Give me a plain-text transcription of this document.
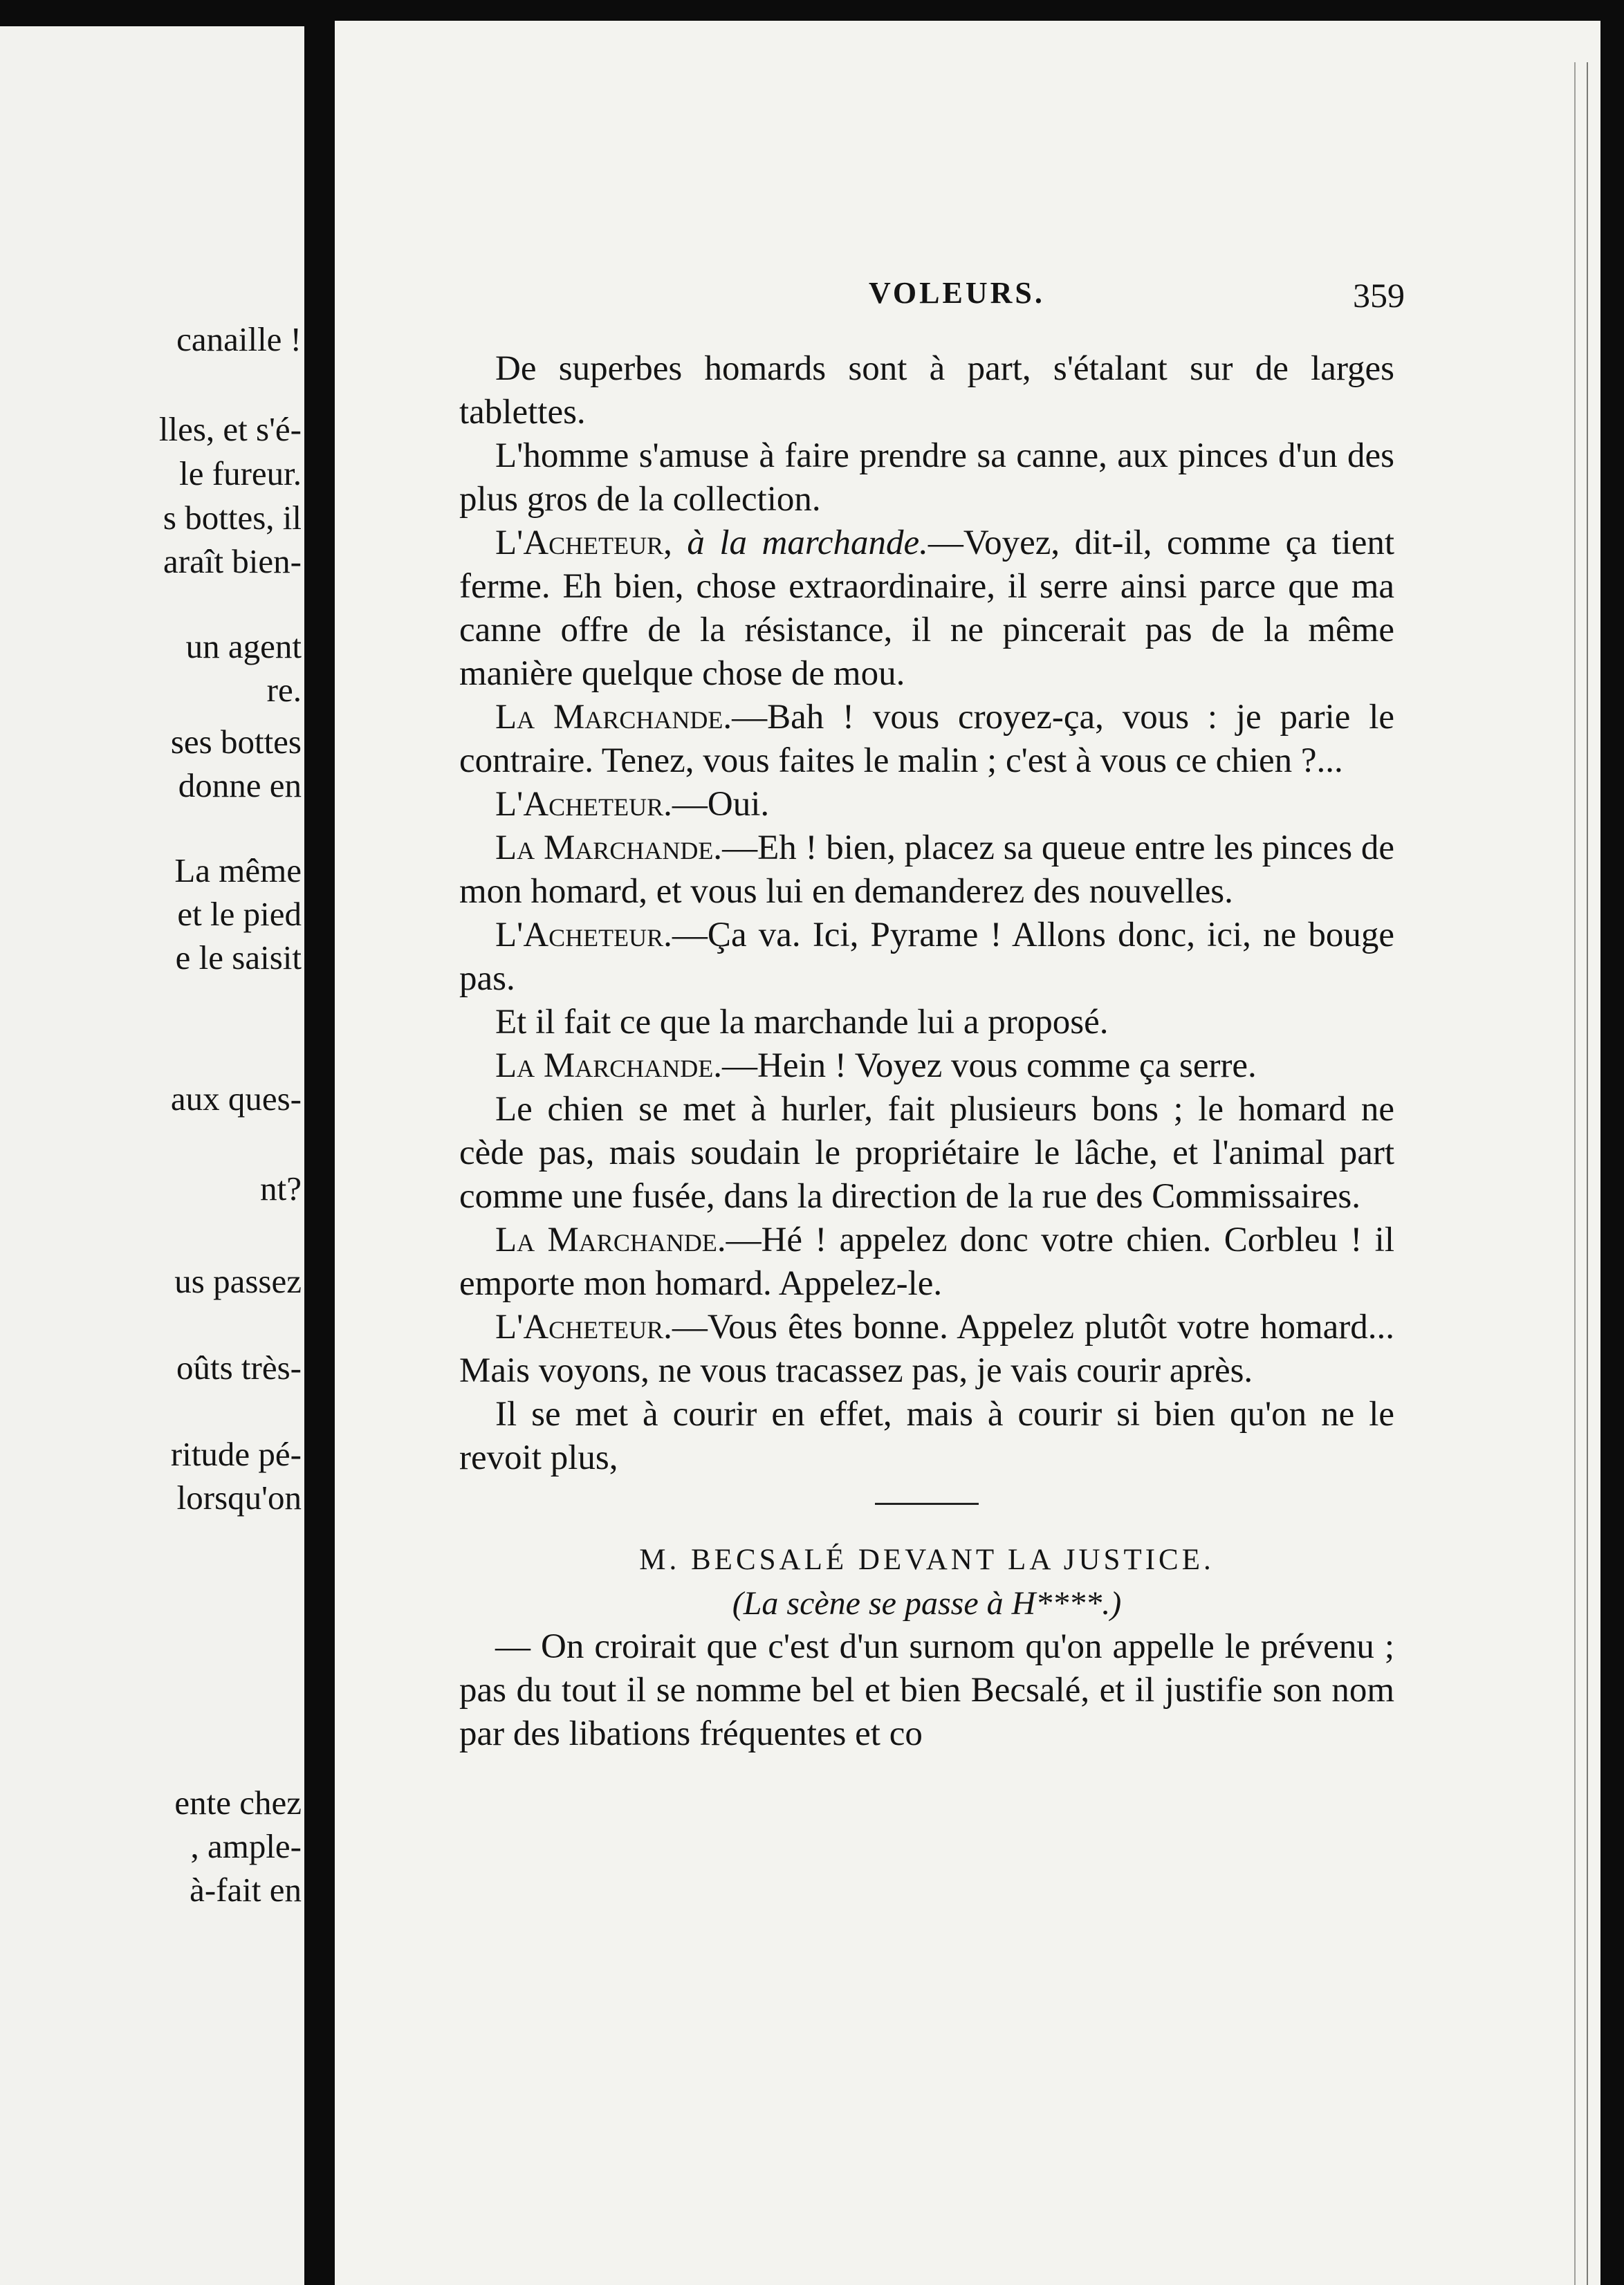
canaille !
lles, et s'é-
le fureur.
s bottes, il
araît bien-
un agent
re.
ses bottes
donne en
La même
et le pied
e le saisit
aux ques-
nt?
us passez
oûts très-
ritude pé-
lorsqu'on
ente chez
, ample-
à-fait en
VOLEURS.	359

De superbes homards sont à part, s'étalant sur de larges tablettes.

L'homme s'amuse à faire prendre sa canne, aux pinces d'un des plus gros de la collection.

L'Acheteur, à la marchande.—Voyez, dit-il, comme ça tient ferme. Eh bien, chose extraordinaire, il serre ainsi parce que ma canne offre de la résistance, il ne pincerait pas de la même manière quelque chose de mou.

La Marchande.—Bah ! vous croyez-ça, vous : je parie le contraire. Tenez, vous faites le malin ; c'est à vous ce chien ?...

L'Acheteur.—Oui.

La Marchande.—Eh ! bien, placez sa queue entre les pinces de mon homard, et vous lui en demanderez des nouvelles.

L'Acheteur.—Ça va. Ici, Pyrame ! Allons donc, ici, ne bouge pas.

Et il fait ce que la marchande lui a proposé.

La Marchande.—Hein ! Voyez vous comme ça serre.

Le chien se met à hurler, fait plusieurs bons ; le homard ne cède pas, mais soudain le propriétaire le lâche, et l'animal part comme une fusée, dans la direction de la rue des Commissaires.

La Marchande.—Hé ! appelez donc votre chien. Corbleu ! il emporte mon homard. Appelez-le.

L'Acheteur.—Vous êtes bonne. Appelez plutôt votre homard... Mais voyons, ne vous tracassez pas, je vais courir après.

Il se met à courir en effet, mais à courir si bien qu'on ne le revoit plus,

M. BECSALÉ DEVANT LA JUSTICE.

(La scène se passe à H****.)

— On croirait que c'est d'un surnom qu'on appelle le prévenu ; pas du tout il se nomme bel et bien Becsalé, et il justifie son nom par des libations fréquentes et co
